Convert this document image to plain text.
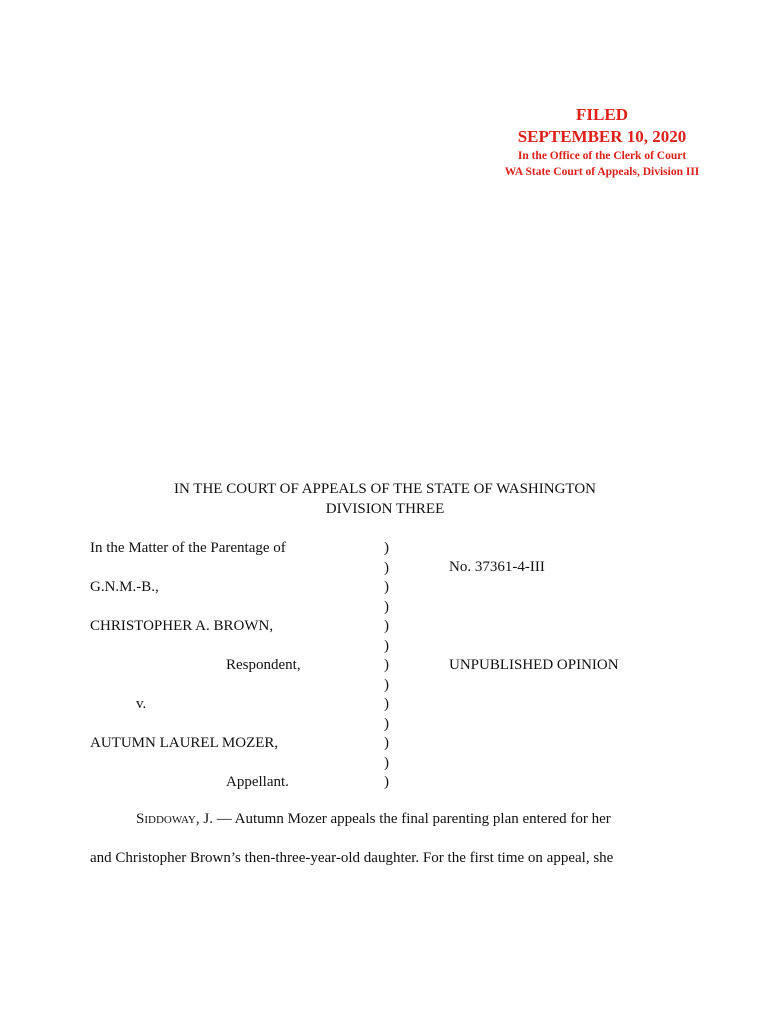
FILED
SEPTEMBER 10, 2020
In the Office of the Clerk of Court
WA State Court of Appeals, Division III
IN THE COURT OF APPEALS OF THE STATE OF WASHINGTON
DIVISION THREE
In the Matter of the Parentage of
G.N.M.-B.,
CHRISTOPHER A. BROWN,
Respondent,
v.
AUTUMN LAUREL MOZER,
Appellant.
)
)
)
)
)
)
)
)
)
)
)
)
)
No. 37361-4-III
UNPUBLISHED OPINION
Siddoway, J. — Autumn Mozer appeals the final parenting plan entered for her
and Christopher Brown’s then-three-year-old daughter. For the first time on appeal, she
